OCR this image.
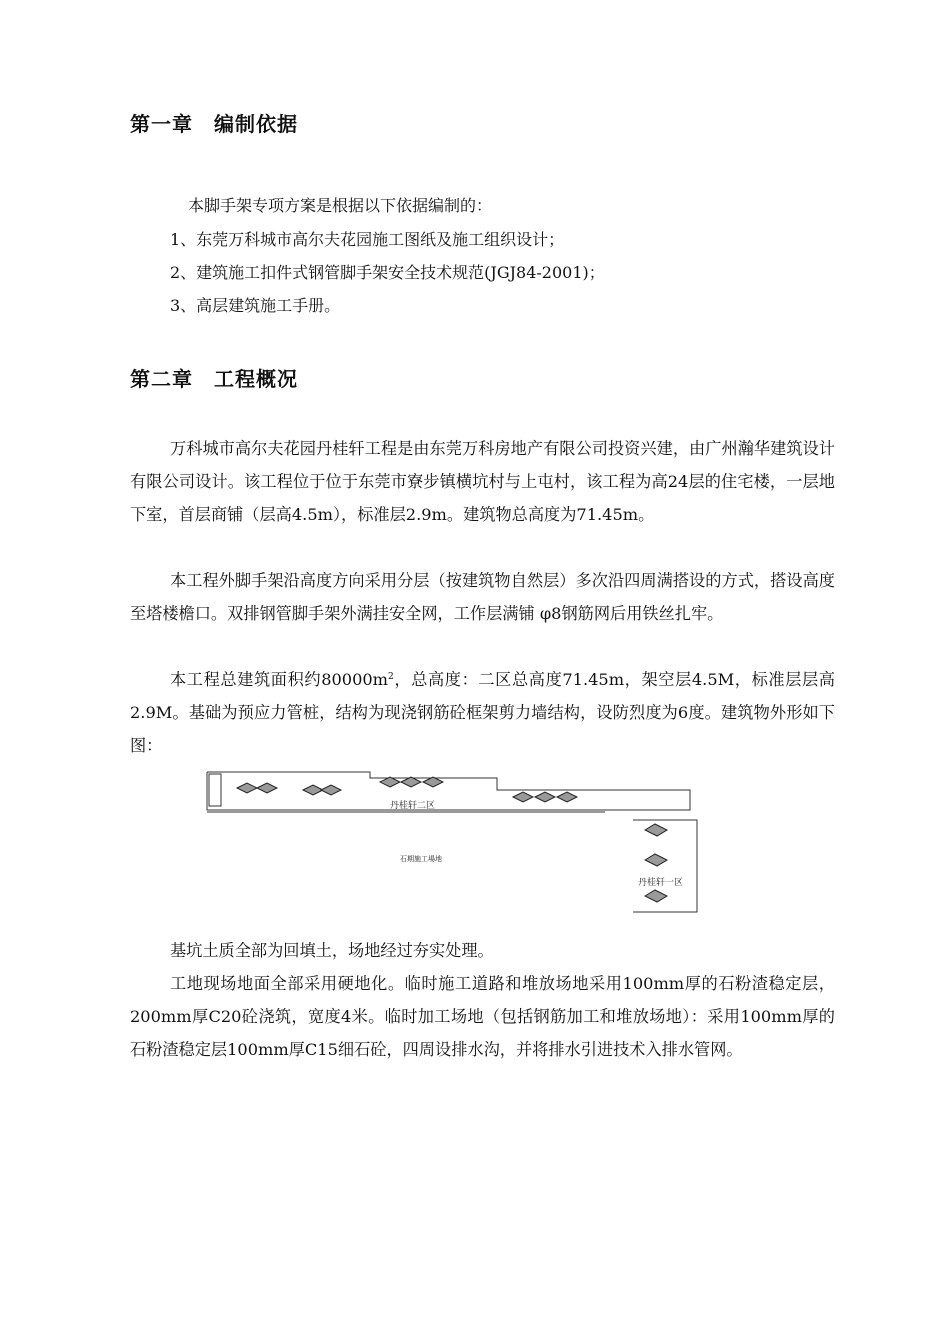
第一章　编制依据

本脚手架专项方案是根据以下依据编制的：

1、东莞万科城市高尔夫花园施工图纸及施工组织设计；

2、建筑施工扣件式钢管脚手架安全技术规范(JGJ84-2001)；

3、高层建筑施工手册。

第二章　工程概况

万科城市高尔夫花园丹桂轩工程是由东莞万科房地产有限公司投资兴建，由广州瀚华建筑设计有限公司设计。该工程位于位于东莞市寮步镇横坑村与上屯村，该工程为高24层的住宅楼，一层地下室，首层商铺（层高4.5m），标准层2.9m。建筑物总高度为71.45m。

本工程外脚手架沿高度方向采用分层（按建筑物自然层）多次沿四周满搭设的方式，搭设高度至塔楼檐口。双排钢管脚手架外满挂安全网，工作层满铺 φ8钢筋网后用铁丝扎牢。

本工程总建筑面积约$80000m^2$，总高度：二区总高度71.45m，架空层4.5M，标准层层高2.9M。基础为预应力管桩，结构为现浇钢筋砼框架剪力墙结构，设防烈度为6度。建筑物外形如下图：

丹桂轩二区
石期施工場地
丹桂轩一区

基坑土质全部为回填土，场地经过夯实处理。

工地现场地面全部采用硬地化。临时施工道路和堆放场地采用100mm厚的石粉渣稳定层，200mm厚C20砼浇筑，宽度4米。临时加工场地（包括钢筋加工和堆放场地）：采用100mm厚的石粉渣稳定层100mm厚C15细石砼，四周设排水沟，并将排水引进技术入排水管网。
